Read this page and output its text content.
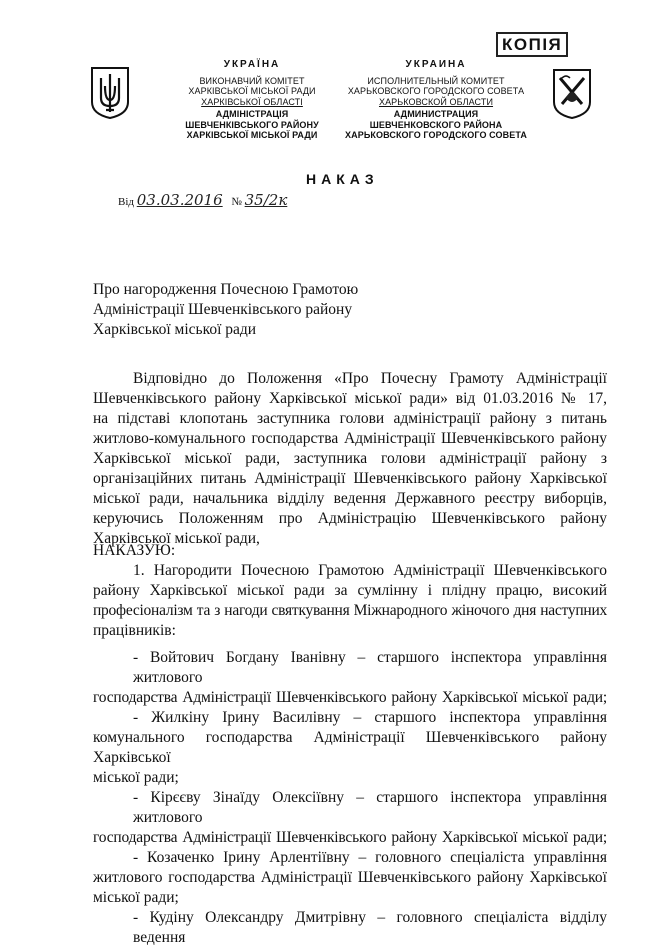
КОПІЯ
УКРАЇНА
ВИКОНАВЧИЙ КОМІТЕТ
ХАРКІВСЬКОЇ МІСЬКОЇ РАДИ
ХАРКІВСЬКОЇ ОБЛАСТІ
АДМІНІСТРАЦІЯ
ШЕВЧЕНКІВСЬКОГО РАЙОНУ
ХАРКІВСЬКОЇ МІСЬКОЇ РАДИ
УКРАИНА
ИСПОЛНИТЕЛЬНЫЙ КОМИТЕТ
ХАРЬКОВСКОГО ГОРОДСКОГО СОВЕТА
ХАРЬКОВСКОЙ ОБЛАСТИ
АДМИНИСТРАЦИЯ
ШЕВЧЕНКОВСКОГО РАЙОНА
ХАРЬКОВСКОГО ГОРОДСКОГО СОВЕТА
НАКАЗ
Від 03.03.2016 № 35/2к
Про нагородження Почесною Грамотою
Адміністрації Шевченківського району
Харківської міської ради
Відповідно до Положення «Про Почесну Грамоту Адміністрації
Шевченківського району Харківської міської ради» від 01.03.2016 № 17,
на підставі клопотань заступника голови адміністрації району з питань
житлово-комунального господарства Адміністрації Шевченківського району
Харківської міської ради, заступника голови адміністрації району з
організаційних питань Адміністрації Шевченківського району Харківської
міської ради, начальника відділу ведення Державного реєстру виборців,
керуючись Положенням про Адміністрацію Шевченківського району
Харківської міської ради,
НАКАЗУЮ:
1. Нагородити Почесною Грамотою Адміністрації Шевченківського
району Харківської міської ради за сумлінну і плідну працю, високий
професіоналізм та з нагоди святкування Міжнародного жіночого дня наступних
працівників:
- Войтович Богдану Іванівну – старшого інспектора управління житлового
господарства Адміністрації Шевченківського району Харківської міської ради;
- Жилкіну Ірину Василівну – старшого інспектора управління
комунального господарства Адміністрації Шевченківського району Харківської
міської ради;
- Кірєєву Зінаїду Олексіївну – старшого інспектора управління житлового
господарства Адміністрації Шевченківського району Харківської міської ради;
- Козаченко Ірину Арлентіївну – головного спеціаліста управління
житлового господарства Адміністрації Шевченківського району Харківської
міської ради;
- Кудіну Олександру Дмитрівну – головного спеціаліста відділу ведення
